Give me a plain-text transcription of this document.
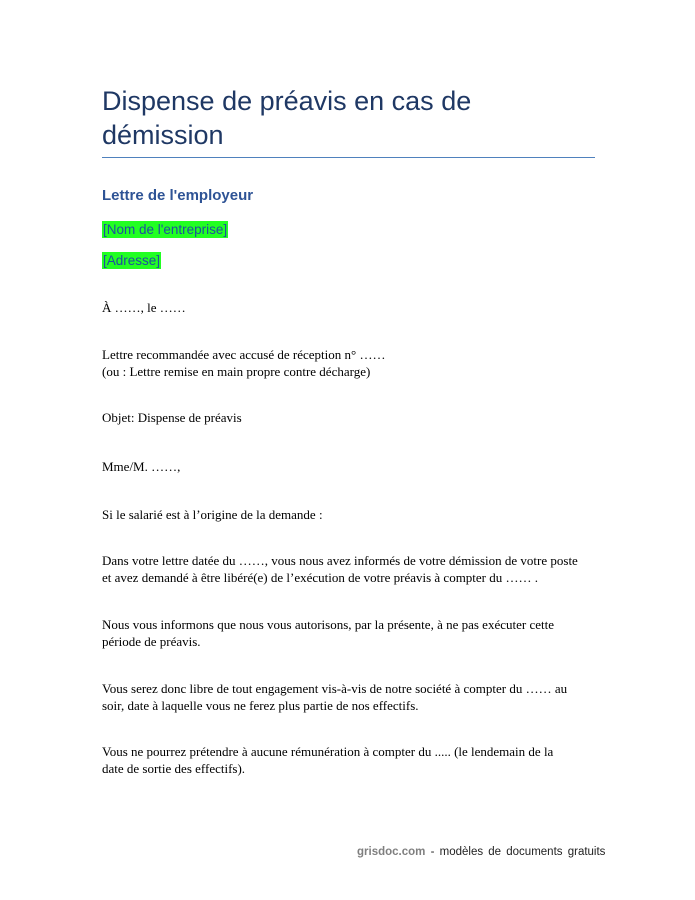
Dispense de préavis en cas de démission
Lettre de l'employeur
[Nom de l'entreprise]
[Adresse]

À ……, le ……

Lettre recommandée avec accusé de réception n° ……
(ou : Lettre remise en main propre contre décharge)

Objet: Dispense de préavis

Mme/M. ……,

Si le salarié est à l’origine de la demande :

Dans votre lettre datée du ……, vous nous avez informés de votre démission de votre poste
et avez demandé à être libéré(e) de l’exécution de votre préavis à compter du …… .
Nous vous informons que nous vous autorisons, par la présente, à ne pas exécuter cette
période de préavis.
Vous serez donc libre de tout engagement vis-à-vis de notre société à compter du …… au
soir, date à laquelle vous ne ferez plus partie de nos effectifs.
Vous ne pourrez prétendre à aucune rémunération à compter du ..... (le lendemain de la
date de sortie des effectifs).

grisdoc.com - modèles de documents gratuits
